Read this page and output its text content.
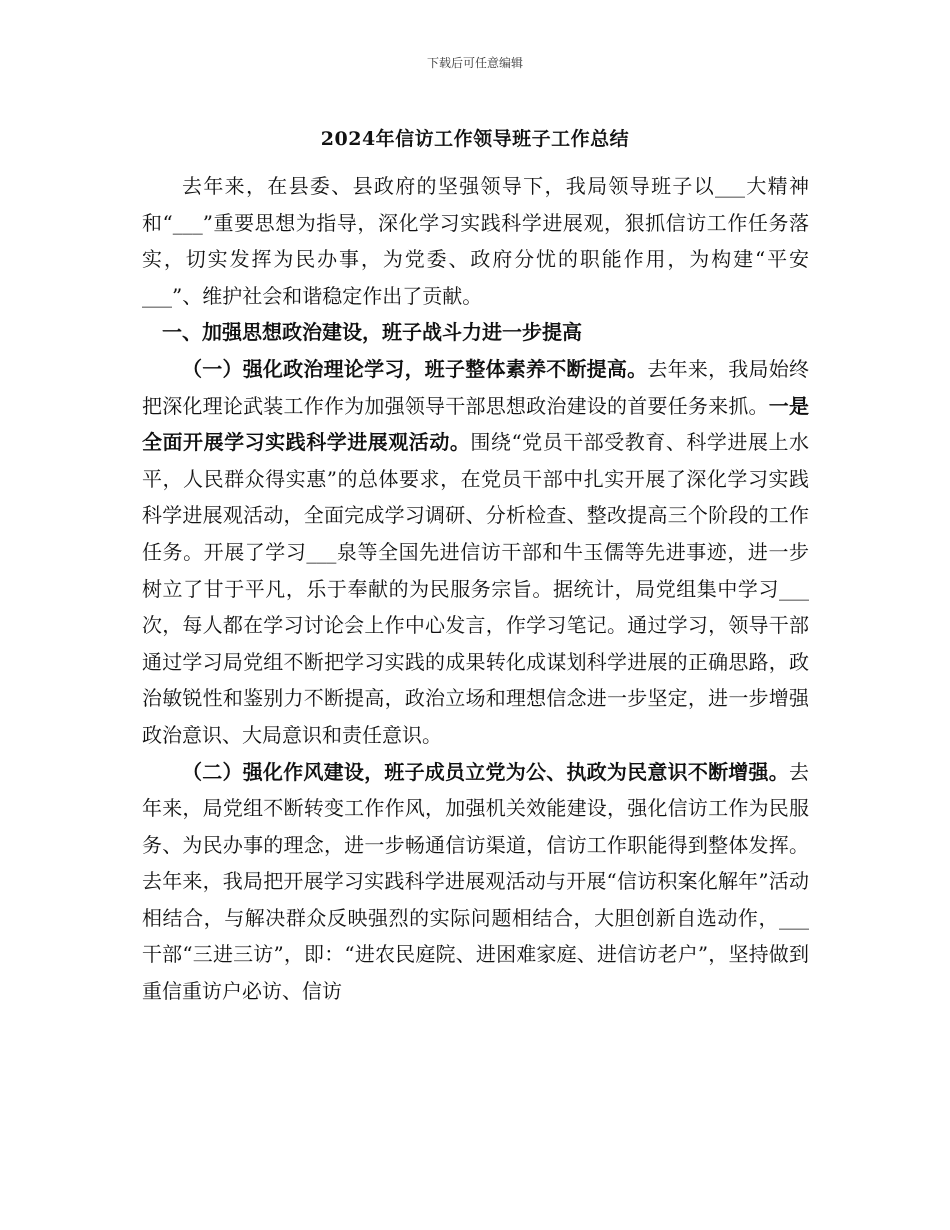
下载后可任意编辑
2024年信访工作领导班子工作总结

去年来，在县委、县政府的坚强领导下，我局领导班子以___大精神和“___”重要思想为指导，深化学习实践科学进展观，狠抓信访工作任务落实，切实发挥为民办事，为党委、政府分忧的职能作用，为构建“平安___”、维护社会和谐稳定作出了贡献。

一、加强思想政治建设，班子战斗力进一步提高

（一）强化政治理论学习，班子整体素养不断提高。去年来，我局始终把深化理论武装工作作为加强领导干部思想政治建设的首要任务来抓。一是全面开展学习实践科学进展观活动。围绕“党员干部受教育、科学进展上水平，人民群众得实惠”的总体要求，在党员干部中扎实开展了深化学习实践科学进展观活动，全面完成学习调研、分析检查、整改提高三个阶段的工作任务。开展了学习___泉等全国先进信访干部和牛玉儒等先进事迹，进一步树立了甘于平凡，乐于奉献的为民服务宗旨。据统计，局党组集中学习___次，每人都在学习讨论会上作中心发言，作学习笔记。通过学习，领导干部通过学习局党组不断把学习实践的成果转化成谋划科学进展的正确思路，政治敏锐性和鉴别力不断提高，政治立场和理想信念进一步坚定，进一步增强政治意识、大局意识和责任意识。

（二）强化作风建设，班子成员立党为公、执政为民意识不断增强。去年来，局党组不断转变工作作风，加强机关效能建设，强化信访工作为民服务、为民办事的理念，进一步畅通信访渠道，信访工作职能得到整体发挥。去年来，我局把开展学习实践科学进展观活动与开展“信访积案化解年”活动相结合，与解决群众反映强烈的实际问题相结合，大胆创新自选动作，___干部“三进三访”，即：“进农民庭院、进困难家庭、进信访老户”，坚持做到重信重访户必访、信访
